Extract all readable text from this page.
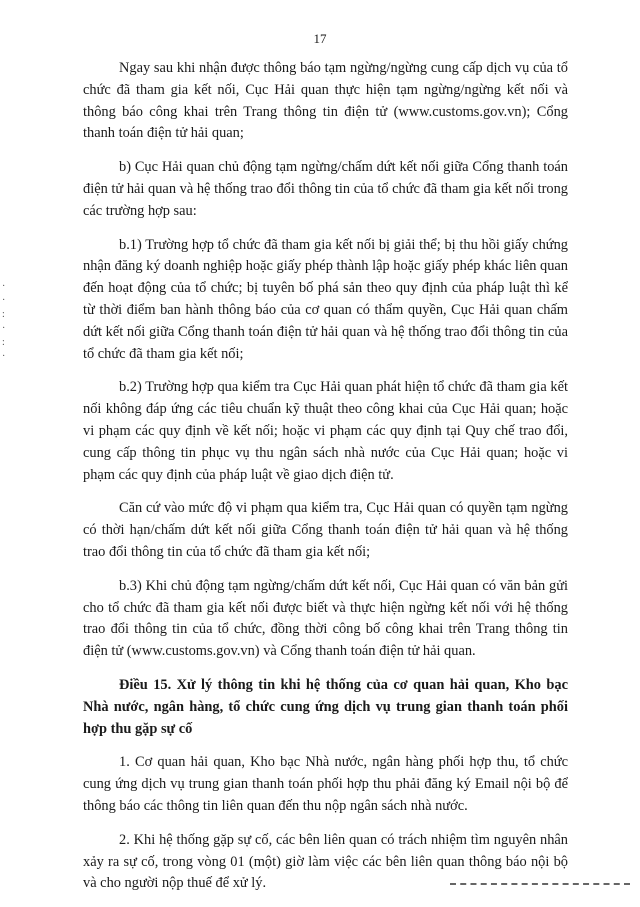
17
·
·
:
·
:
·

Ngay sau khi nhận được thông báo tạm ngừng/ngừng cung cấp dịch vụ của tổ chức đã tham gia kết nối, Cục Hải quan thực hiện tạm ngừng/ngừng kết nối và thông báo công khai trên Trang thông tin điện tử (www.customs.gov.vn); Cổng thanh toán điện tử hải quan;

b) Cục Hải quan chủ động tạm ngừng/chấm dứt kết nối giữa Cổng thanh toán điện tử hải quan và hệ thống trao đổi thông tin của tổ chức đã tham gia kết nối trong các trường hợp sau:

b.1) Trường hợp tổ chức đã tham gia kết nối bị giải thể; bị thu hồi giấy chứng nhận đăng ký doanh nghiệp hoặc giấy phép thành lập hoặc giấy phép khác liên quan đến hoạt động của tổ chức; bị tuyên bố phá sản theo quy định của pháp luật thì kể từ thời điểm ban hành thông báo của cơ quan có thẩm quyền, Cục Hải quan chấm dứt kết nối giữa Cổng thanh toán điện tử hải quan và hệ thống trao đổi thông tin của tổ chức đã tham gia kết nối;

b.2) Trường hợp qua kiểm tra Cục Hải quan phát hiện tổ chức đã tham gia kết nối không đáp ứng các tiêu chuẩn kỹ thuật theo công khai của Cục Hải quan; hoặc vi phạm các quy định về kết nối; hoặc vi phạm các quy định tại Quy chế trao đổi, cung cấp thông tin phục vụ thu ngân sách nhà nước của Cục Hải quan; hoặc vi phạm các quy định của pháp luật về giao dịch điện tử.

Căn cứ vào mức độ vi phạm qua kiểm tra, Cục Hải quan có quyền tạm ngừng có thời hạn/chấm dứt kết nối giữa Cổng thanh toán điện tử hải quan và hệ thống trao đổi thông tin của tổ chức đã tham gia kết nối;

b.3) Khi chủ động tạm ngừng/chấm dứt kết nối, Cục Hải quan có văn bản gửi cho tổ chức đã tham gia kết nối được biết và thực hiện ngừng kết nối với hệ thống trao đổi thông tin của tổ chức, đồng thời công bố công khai trên Trang thông tin điện tử (www.customs.gov.vn) và Cổng thanh toán điện tử hải quan.

Điều 15. Xử lý thông tin khi hệ thống của cơ quan hải quan, Kho bạc Nhà nước, ngân hàng, tổ chức cung ứng dịch vụ trung gian thanh toán phối hợp thu gặp sự cố

1. Cơ quan hải quan, Kho bạc Nhà nước, ngân hàng phối hợp thu, tổ chức cung ứng dịch vụ trung gian thanh toán phối hợp thu phải đăng ký Email nội bộ để thông báo các thông tin liên quan đến thu nộp ngân sách nhà nước.

2. Khi hệ thống gặp sự cố, các bên liên quan có trách nhiệm tìm nguyên nhân xảy ra sự cố, trong vòng 01 (một) giờ làm việc các bên liên quan thông báo nội bộ và cho người nộp thuế để xử lý.
